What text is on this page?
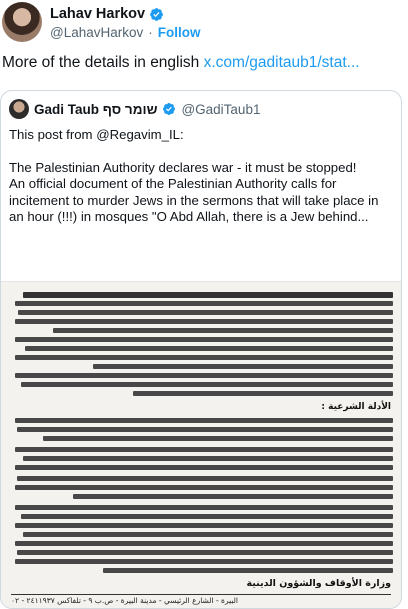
Lahav Harkov
@LahavHarkov · Follow
More of the details in english x.com/gaditaub1/stat...
Gadi Taub שומר סף @GadiTaub1

This post from @Regavim_IL:

The Palestinian Authority declares war - it must be stopped!

An official document of the Palestinian Authority calls for incitement to murder Jews in the sermons that will take place in an hour (!!!) in mosques "O Abd Allah, there is a Jew behind...

الأدلة الشرعية :
وزارة الأوقاف والشؤون الدينية
البيرة - الشارع الرئيسي - مدينة البيرة - ص.ب ٩ - تلفاكس ٢٤١١٩٣٧ - ٠٢
